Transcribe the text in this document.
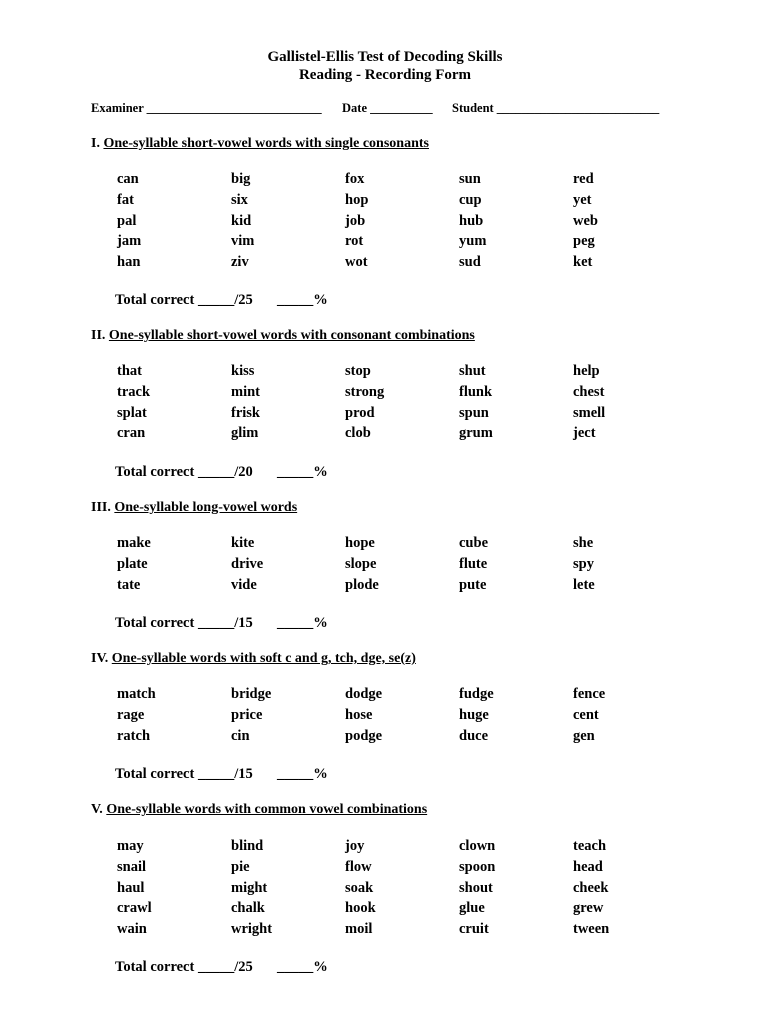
Gallistel-Ellis Test of Decoding Skills
Reading - Recording Form
Examiner ____________________________ Date __________ Student __________________________
I. One-syllable short-vowel words with single consonants
can	big	fox	sun	red
fat	six	hop	cup	yet
pal	kid	job	hub	web
jam	vim	rot	yum	peg
han	ziv	wot	sud	ket
Total correct _____/25 _____%
II. One-syllable short-vowel words with consonant combinations
that	kiss	stop	shut	help
track	mint	strong	flunk	chest
splat	frisk	prod	spun	smell
cran	glim	clob	grum	ject
Total correct _____/20 _____%
III. One-syllable long-vowel words
make	kite	hope	cube	she
plate	drive	slope	flute	spy
tate	vide	plode	pute	lete
Total correct _____/15 _____%
IV. One-syllable words with soft c and g, tch, dge, se(z)
match	bridge	dodge	fudge	fence
rage	price	hose	huge	cent
ratch	cin	podge	duce	gen
Total correct _____/15 _____%
V. One-syllable words with common vowel combinations
may	blind	joy	clown	teach
snail	pie	flow	spoon	head
haul	might	soak	shout	cheek
crawl	chalk	hook	glue	grew
wain	wright	moil	cruit	tween
Total correct _____/25 _____%
